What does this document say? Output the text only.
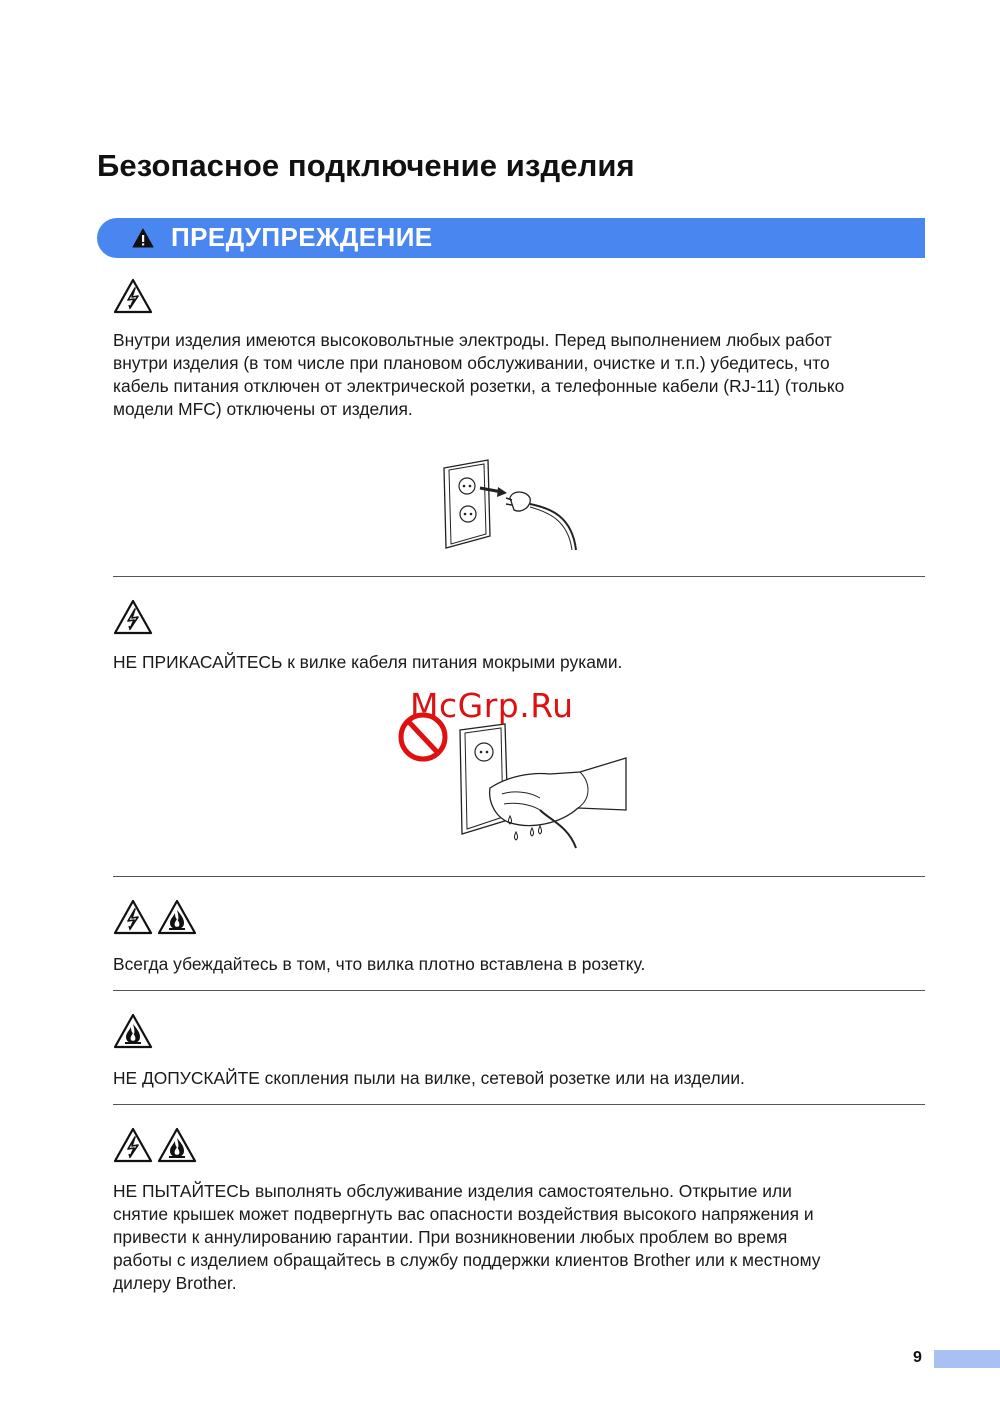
Безопасное подключение изделия
ПРЕДУПРЕЖДЕНИЕ

Внутри изделия имеются высоковольтные электроды. Перед выполнением любых работ
внутри изделия (в том числе при плановом обслуживании, очистке и т.п.) убедитесь, что
кабель питания отключен от электрической розетки, а телефонные кабели (RJ-11) (только
модели MFC) отключены от изделия.

НЕ ПРИКАСАЙТЕСЬ к вилке кабеля питания мокрыми руками.

McGrp.Ru

Всегда убеждайтесь в том, что вилка плотно вставлена в розетку.

НЕ ДОПУСКАЙТЕ скопления пыли на вилке, сетевой розетке или на изделии.

НЕ ПЫТАЙТЕСЬ выполнять обслуживание изделия самостоятельно. Открытие или
снятие крышек может подвергнуть вас опасности воздействия высокого напряжения и
привести к аннулированию гарантии. При возникновении любых проблем во время
работы с изделием обращайтесь в службу поддержки клиентов Brother или к местному
дилеру Brother.

9
